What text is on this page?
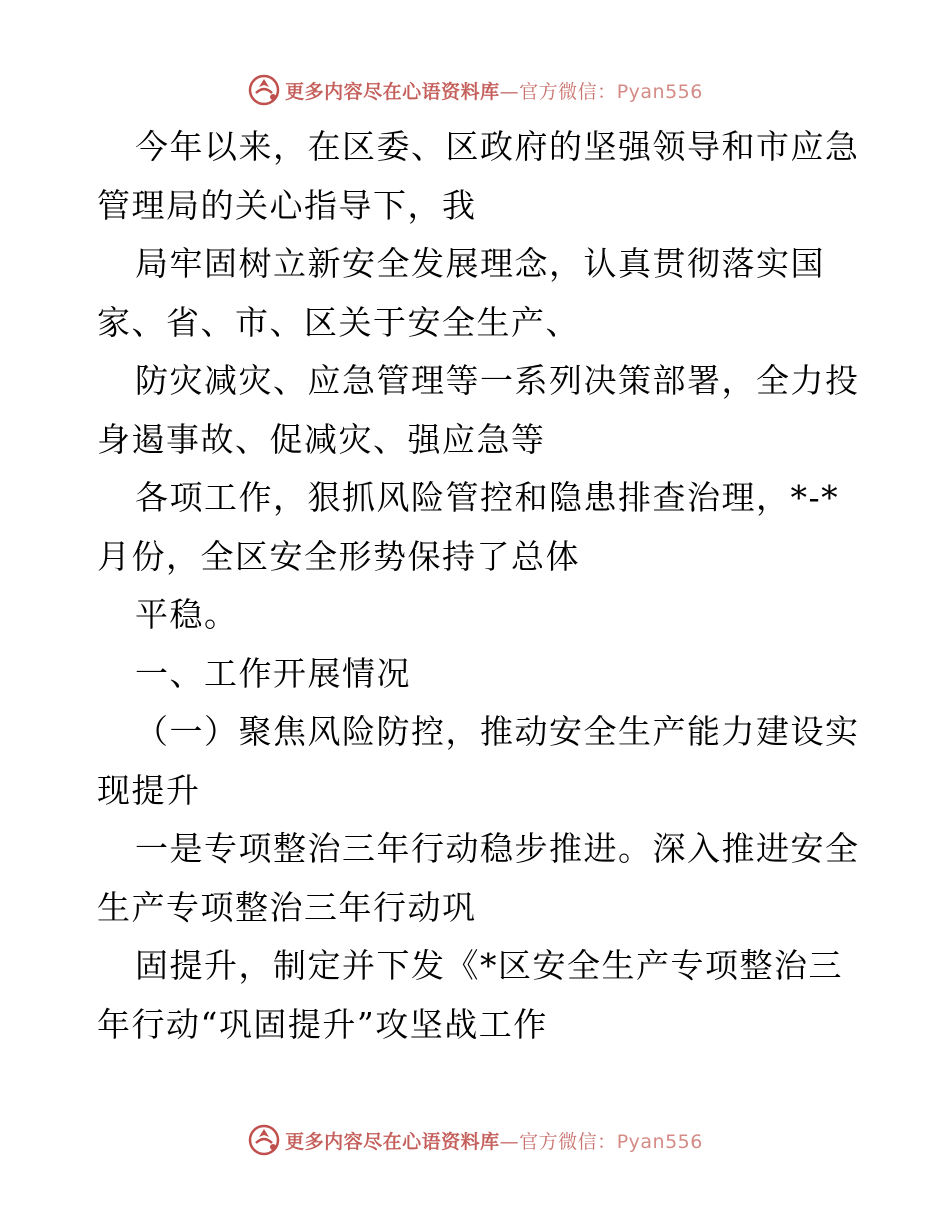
更多内容尽在心语资料库—官方微信：Pyan556
今年以来，在区委、区政府的坚强领导和市应急
管理局的关心指导下，我
局牢固树立新安全发展理念，认真贯彻落实国
家、省、市、区关于安全生产、
防灾减灾、应急管理等一系列决策部署，全力投
身遏事故、促减灾、强应急等
各项工作，狠抓风险管控和隐患排查治理，*-*
月份，全区安全形势保持了总体
平稳。
一、工作开展情况
（一）聚焦风险防控，推动安全生产能力建设实
现提升
一是专项整治三年行动稳步推进。深入推进安全
生产专项整治三年行动巩
固提升，制定并下发《*区安全生产专项整治三
年行动“巩固提升”攻坚战工作
更多内容尽在心语资料库—官方微信：Pyan556
